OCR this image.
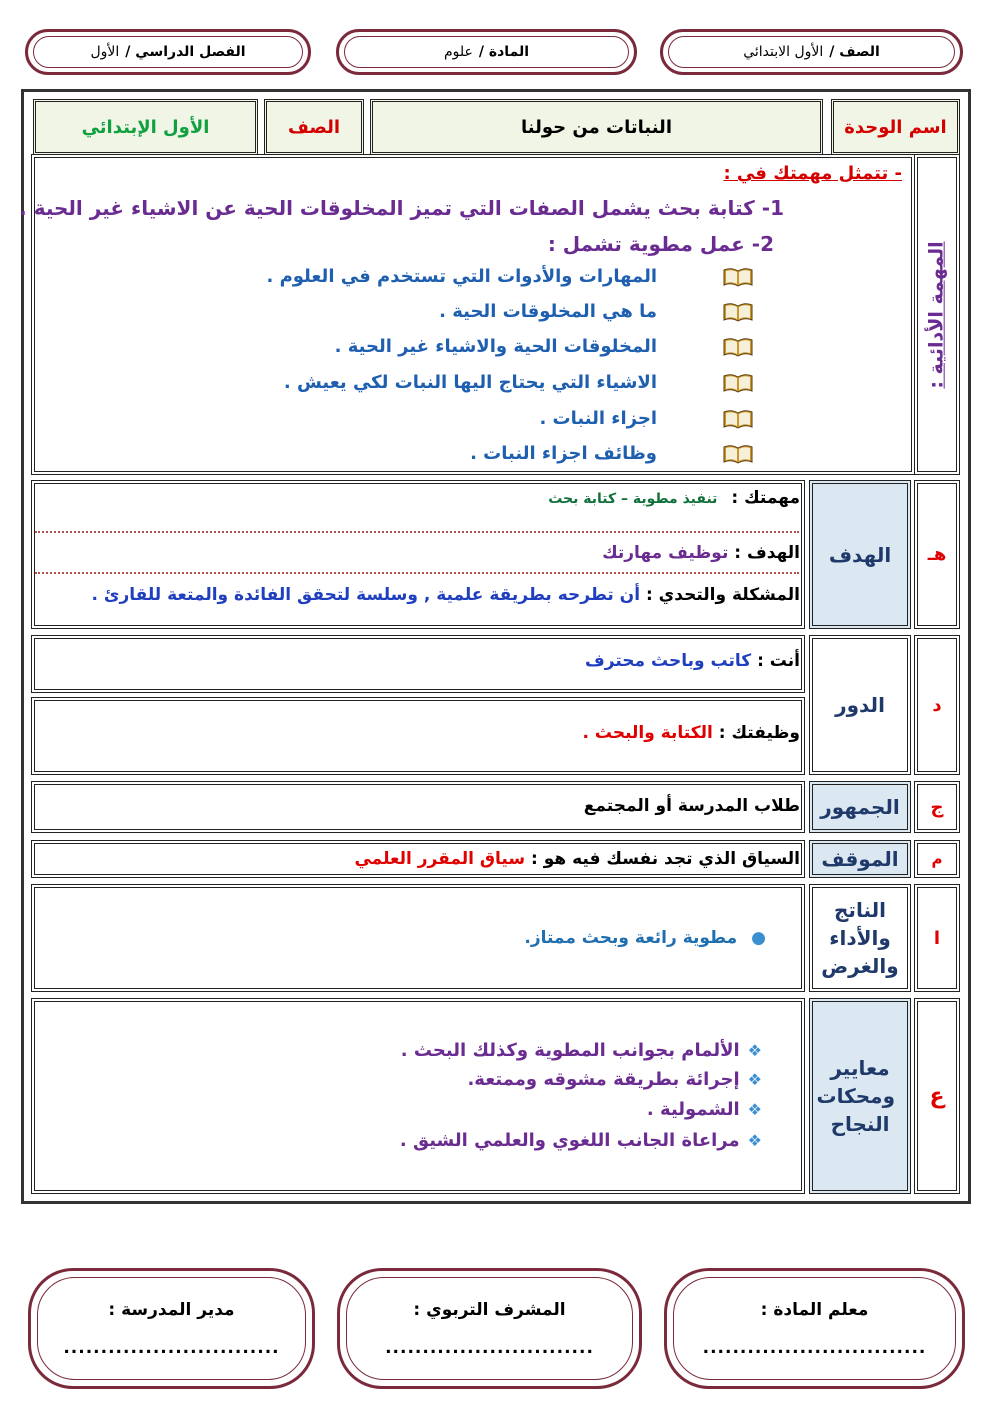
الصف /
الأول الابتدائي
المادة /
علوم
الفصل الدراسي /
الأول
اسم الوحدة
النباتات من حولنا
الصف
الأول الإبتدائي
المهمة الأدائية :
- تتمثل مهمتك في :
1- كتابة بحث يشمل الصفات التي تميز المخلوقات الحية عن الاشياء غير الحية .
2- عمل مطوية تشمل :
المهارات والأدوات التي تستخدم في العلوم .
ما هي المخلوقات الحية .
المخلوقات الحية والاشياء غير الحية .
الاشياء التي يحتاج اليها النبات لكي يعيش .
اجزاء النبات .
وظائف اجزاء النبات .
الهدف هـ
مهمتك : تنفيذ مطوية – كتابة بحث
الهدف : توظيف مهارتك
المشكلة والتحدي : أن تطرحه بطريقة علمية , وسلسة لتحقق الفائدة والمتعة للقارئ .
الدور	د
أنت : كاتب وباحث محترف
وظيفتك : الكتابة والبحث .
الجمهور ج
طلاب المدرسة أو المجتمع
الموقف م
السياق الذي تجد نفسك فيه هو : سياق المقرر العلمي
الناتج والأداء والغرض
ا
●مطوية رائعة وبحث ممتاز.
معايير ومحكات النجاح
ع
❖
الألمام بجوانب المطوية وكذلك البحث .
❖
إجرائة بطريقة مشوقه وممتعة.
❖
الشمولية .
❖
مراعاة الجانب اللغوي والعلمي الشيق .
معلم المادة :
..............................
المشرف التربوي :
............................
مدير المدرسة :
.............................
